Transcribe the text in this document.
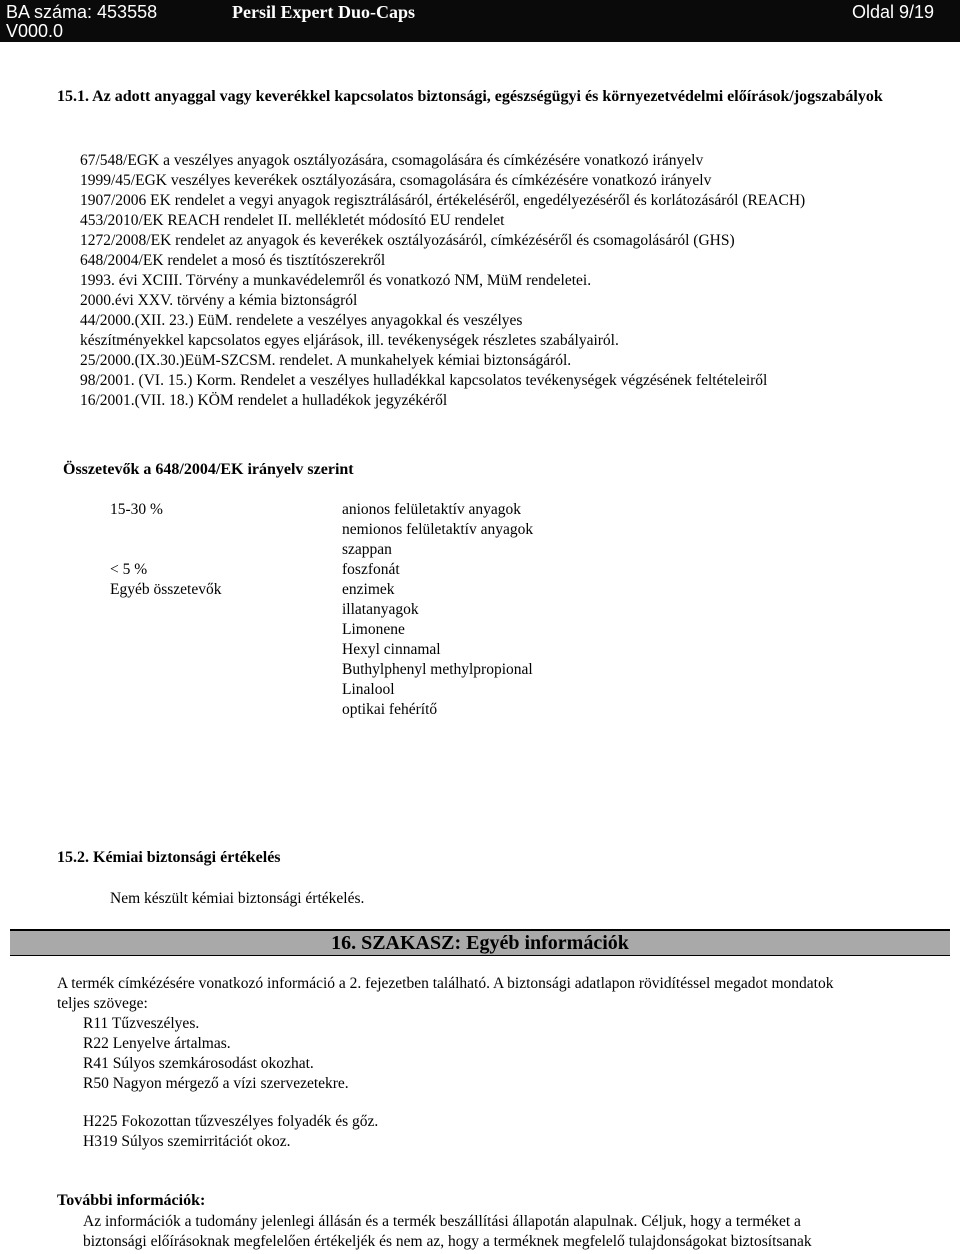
BA száma: 453558
V000.0
Persil Expert Duo-Caps	Oldal 9/19
15.1. Az adott anyaggal vagy keverékkel kapcsolatos biztonsági, egészségügyi és környezetvédelmi előírások/jogszabályok
67/548/EGK a veszélyes anyagok osztályozására, csomagolására és címkézésére vonatkozó irányelv
1999/45/EGK veszélyes keverékek osztályozására, csomagolására és címkézésére vonatkozó irányelv
1907/2006 EK rendelet a vegyi anyagok regisztrálásáról, értékeléséről, engedélyezéséről és korlátozásáról (REACH)
453/2010/EK REACH rendelet II. mellékletét módosító EU rendelet
1272/2008/EK rendelet az anyagok és keverékek osztályozásáról, címkézéséről és csomagolásáról (GHS)
648/2004/EK rendelet a mosó és tisztítószerekről
1993. évi XCIII. Törvény a munkavédelemről és vonatkozó NM, MüM rendeletei.
2000.évi XXV. törvény a kémia biztonságról
44/2000.(XII. 23.) EüM. rendelete a veszélyes anyagokkal és veszélyes
készítményekkel kapcsolatos egyes eljárások, ill. tevékenységek részletes szabályairól.
25/2000.(IX.30.)EüM-SZCSM. rendelet. A munkahelyek kémiai biztonságáról.
98/2001. (VI. 15.) Korm. Rendelet a veszélyes hulladékkal kapcsolatos tevékenységek végzésének feltételeiről
16/2001.(VII. 18.) KÖM rendelet a hulladékok jegyzékéről
Összetevők a 648/2004/EK irányelv szerint
15-30 %
< 5 %
Egyéb összetevők
anionos felületaktív anyagok
nemionos felületaktív anyagok
szappan
foszfonát
enzimek
illatanyagok
Limonene
Hexyl cinnamal
Buthylphenyl methylpropional
Linalool
optikai fehérítő
15.2. Kémiai biztonsági értékelés
Nem készült kémiai biztonsági értékelés.
16. SZAKASZ: Egyéb információk
A termék címkézésére vonatkozó információ a 2. fejezetben található. A biztonsági adatlapon rövidítéssel megadot mondatok
teljes szövege:
R11 Tűzveszélyes.
R22 Lenyelve ártalmas.
R41 Súlyos szemkárosodást okozhat.
R50 Nagyon mérgező a vízi szervezetekre.
H225 Fokozottan tűzveszélyes folyadék és gőz.
H319 Súlyos szemirritációt okoz.
További információk:
Az információk a tudomány jelenlegi állásán és a termék beszállítási állapotán alapulnak. Céljuk, hogy a terméket a
biztonsági előírásoknak megfelelően értékeljék és nem az, hogy a terméknek megfelelő tulajdonságokat biztosítsanak
